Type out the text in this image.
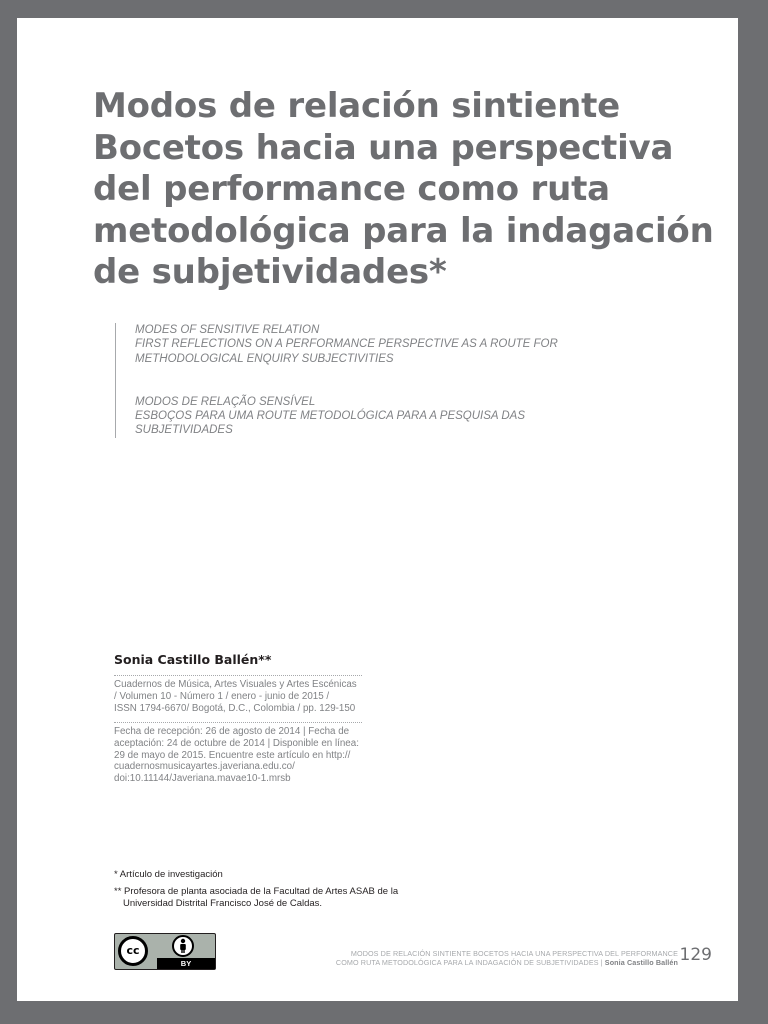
Modos de relación sintiente
Bocetos hacia una perspectiva
del performance como ruta
metodológica para la indagación
de subjetividades*
MODES OF SENSITIVE RELATION
FIRST REFLECTIONS ON A PERFORMANCE PERSPECTIVE AS A ROUTE FOR
METHODOLOGICAL ENQUIRY SUBJECTIVITIES
MODOS DE RELAÇÃO SENSÍVEL
ESBOÇOS PARA UMA ROUTE METODOLÓGICA PARA A PESQUISA DAS
SUBJETIVIDADES
Sonia Castillo Ballén**
Cuadernos de Música, Artes Visuales y Artes Escénicas
/ Volumen 10 - Número 1 / enero - junio de 2015 /
ISSN 1794-6670/ Bogotá, D.C., Colombia / pp. 129-150
Fecha de recepción: 26 de agosto de 2014 | Fecha de
aceptación: 24 de octubre de 2014 | Disponible en línea:
29 de mayo de 2015. Encuentre este artículo en http://
cuadernosmusicayartes.javeriana.edu.co/
doi:10.11144/Javeriana.mavae10-1.mrsb
* Artículo de investigación
** Profesora de planta asociada de la Facultad de Artes ASAB de la
Universidad Distrital Francisco José de Caldas.
cc
BY
MODOS DE RELACIÓN SINTIENTE BOCETOS HACIA UNA PERSPECTIVA DEL PERFORMANCE
COMO RUTA METODOLÓGICA PARA LA INDAGACIÓN DE SUBJETIVIDADES | Sonia Castillo Ballén 129
